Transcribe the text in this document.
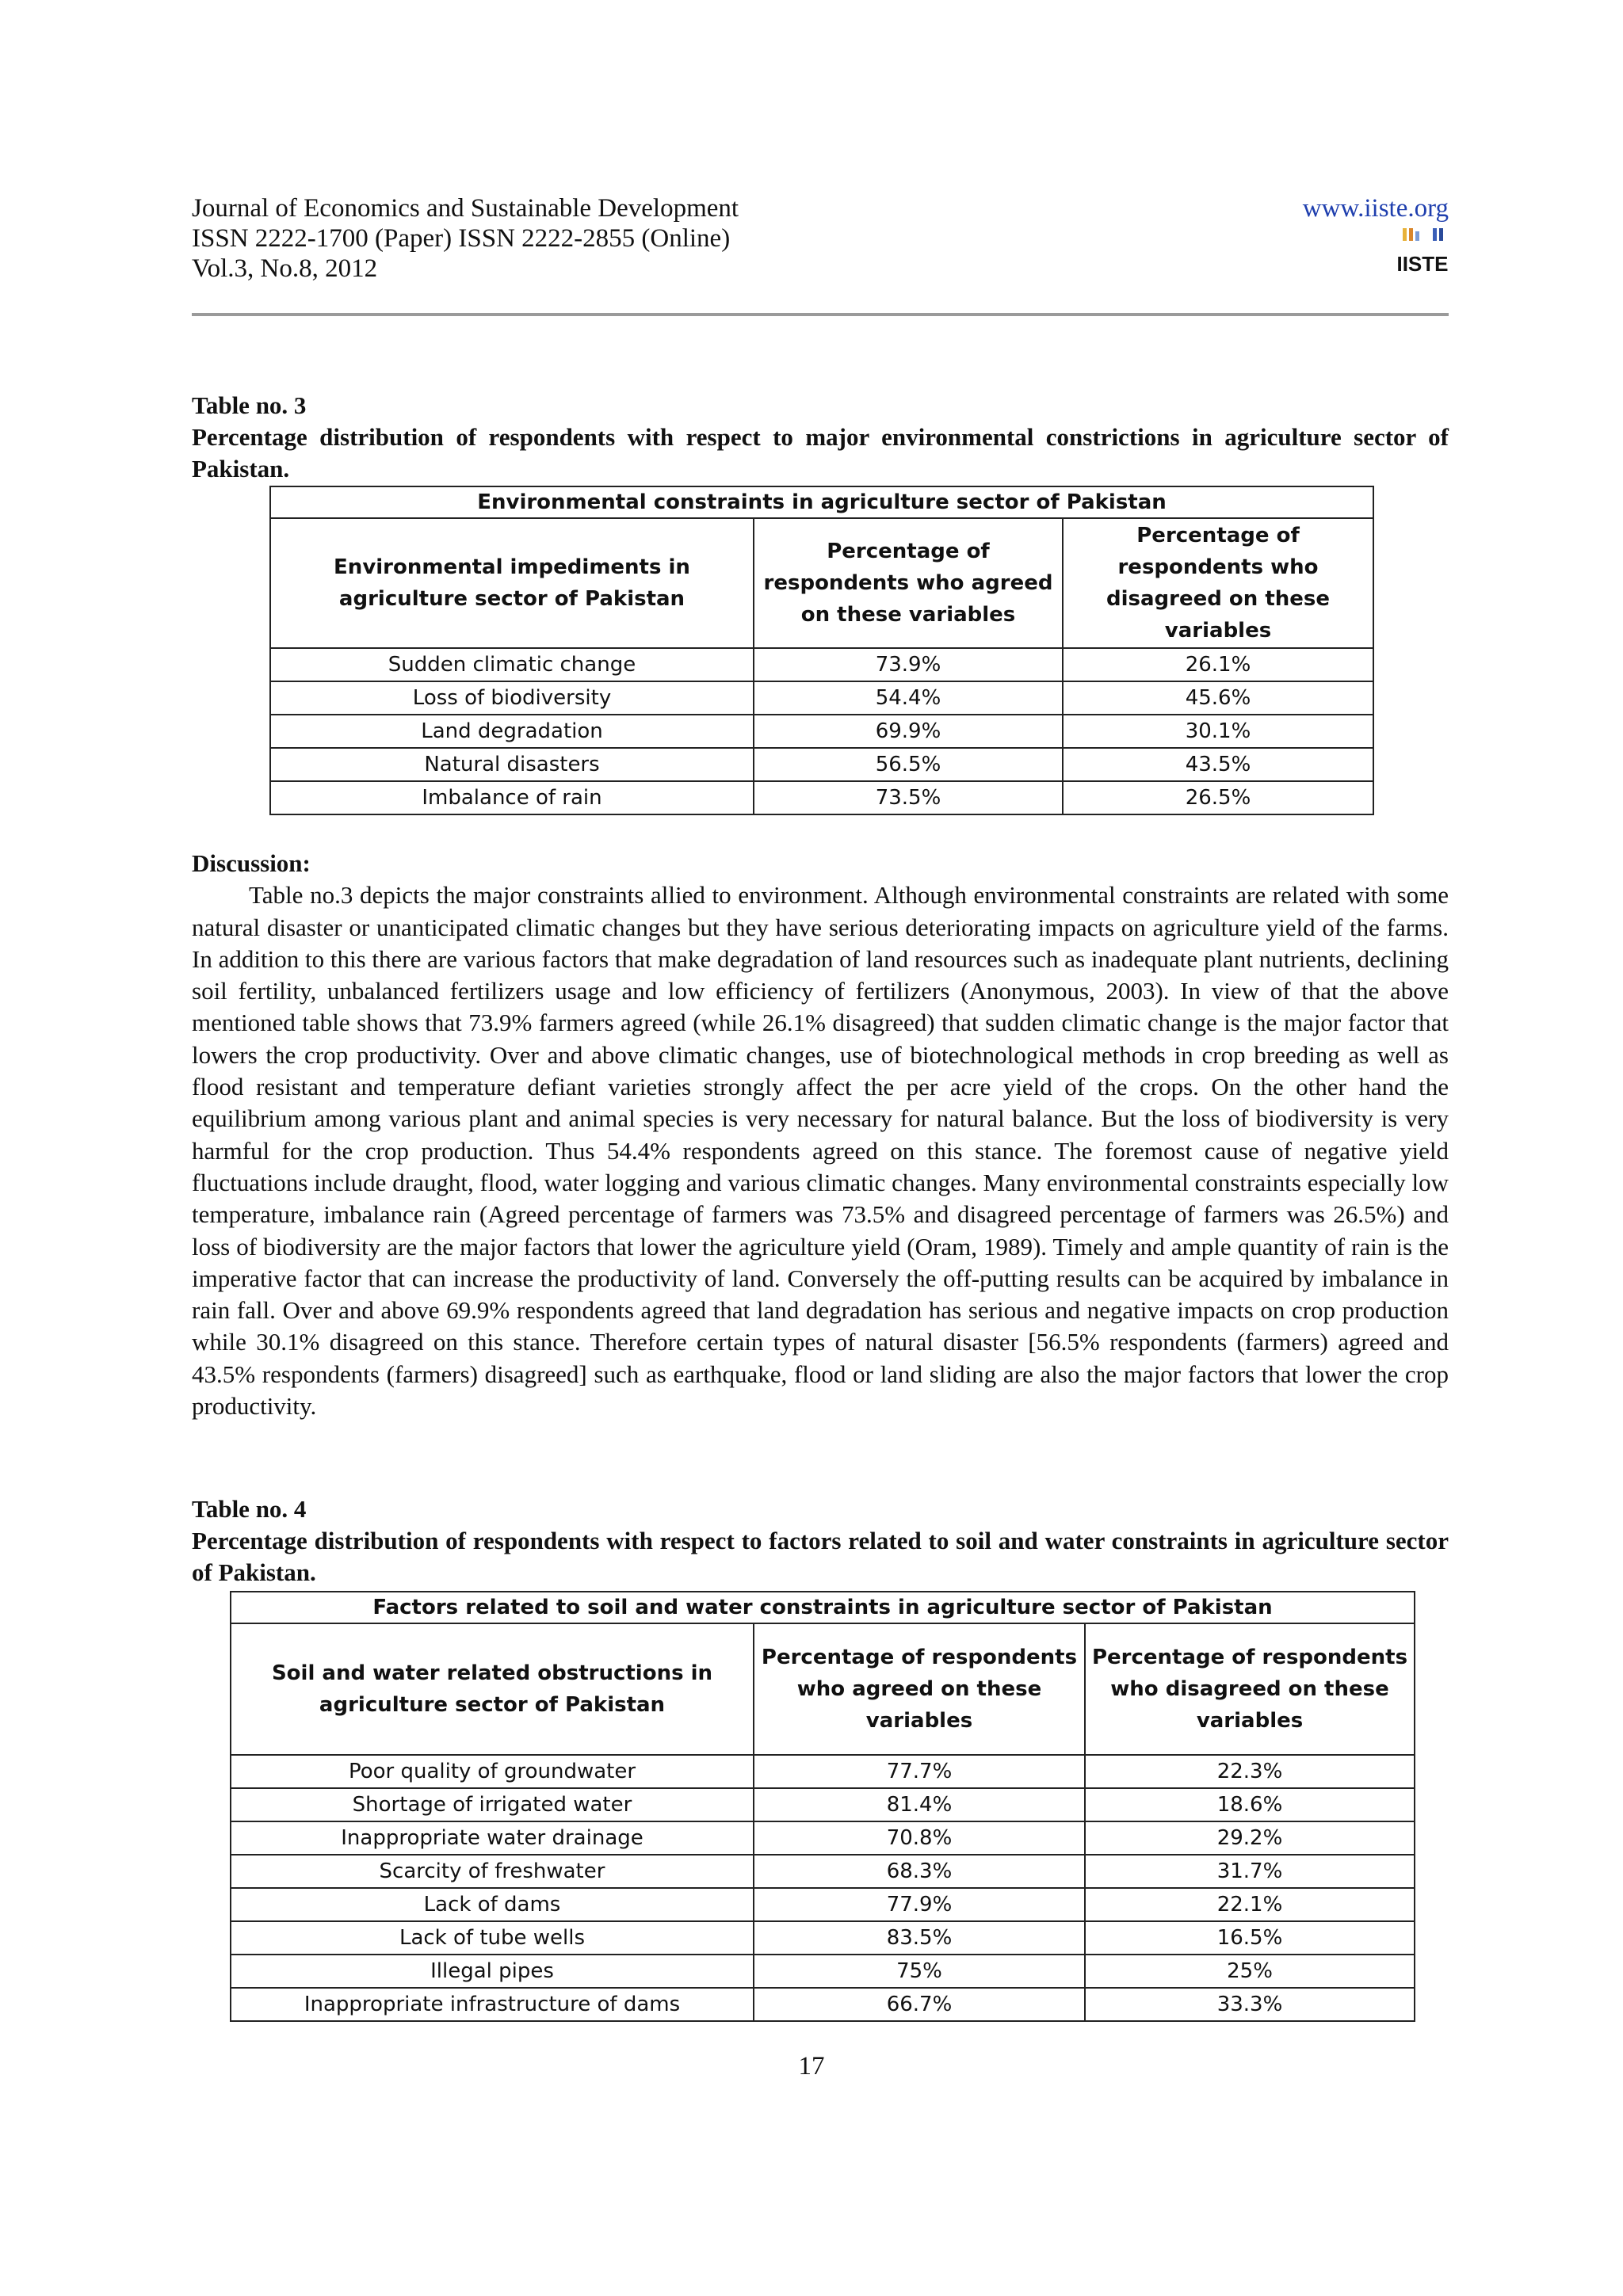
Journal of Economics and Sustainable Development
ISSN 2222-1700 (Paper) ISSN 2222-2855 (Online)
Vol.3, No.8, 2012
www.iiste.org
IISTE
Table no. 3
Percentage distribution of respondents with respect to major environmental constrictions in agriculture sector of Pakistan.
Environmental constraints in agriculture sector of Pakistan		
Environmental impediments in agriculture sector of Pakistan	Percentage of respondents who agreed on these variables	Percentage of respondents who disagreed on these variables
Sudden climatic change	73.9%	26.1%
Loss of biodiversity	54.4%	45.6%
Land degradation	69.9%	30.1%
Natural disasters	56.5%	43.5%
Imbalance of rain	73.5%	26.5%
Discussion:

Table no.3 depicts the major constraints allied to environment. Although environmental constraints are related with some natural disaster or unanticipated climatic changes but they have serious deteriorating impacts on agriculture yield of the farms. In addition to this there are various factors that make degradation of land resources such as inadequate plant nutrients, declining soil fertility, unbalanced fertilizers usage and low efficiency of fertilizers (Anonymous, 2003). In view of that the above mentioned table shows that 73.9% farmers agreed (while 26.1% disagreed) that sudden climatic change is the major factor that lowers the crop productivity. Over and above climatic changes, use of biotechnological methods in crop breeding as well as flood resistant and temperature defiant varieties strongly affect the per acre yield of the crops. On the other hand the equilibrium among various plant and animal species is very necessary for natural balance. But the loss of biodiversity is very harmful for the crop production. Thus 54.4% respondents agreed on this stance. The foremost cause of negative yield fluctuations include draught, flood, water logging and various climatic changes. Many environmental constraints especially low temperature, imbalance rain (Agreed percentage of farmers was 73.5% and disagreed percentage of farmers was 26.5%) and loss of biodiversity are the major factors that lower the agriculture yield (Oram, 1989). Timely and ample quantity of rain is the imperative factor that can increase the productivity of land. Conversely the off-putting results can be acquired by imbalance in rain fall. Over and above 69.9% respondents agreed that land degradation has serious and negative impacts on crop production while 30.1% disagreed on this stance. Therefore certain types of natural disaster [56.5% respondents (farmers) agreed and 43.5% respondents (farmers) disagreed] such as earthquake, flood or land sliding are also the major factors that lower the crop productivity.

Table no. 4
Percentage distribution of respondents with respect to factors related to soil and water constraints in agriculture sector of Pakistan.
Factors related to soil and water constraints in agriculture sector of Pakistan		
Soil and water related obstructions in agriculture sector of Pakistan	Percentage of respondents who agreed on these variables	Percentage of respondents who disagreed on these variables
Poor quality of groundwater	77.7%	22.3%
Shortage of irrigated water	81.4%	18.6%
Inappropriate water drainage	70.8%	29.2%
Scarcity of freshwater	68.3%	31.7%
Lack of dams	77.9%	22.1%
Lack of tube wells	83.5%	16.5%
Illegal pipes	75%	25%
Inappropriate infrastructure of dams	66.7%	33.3%
17
